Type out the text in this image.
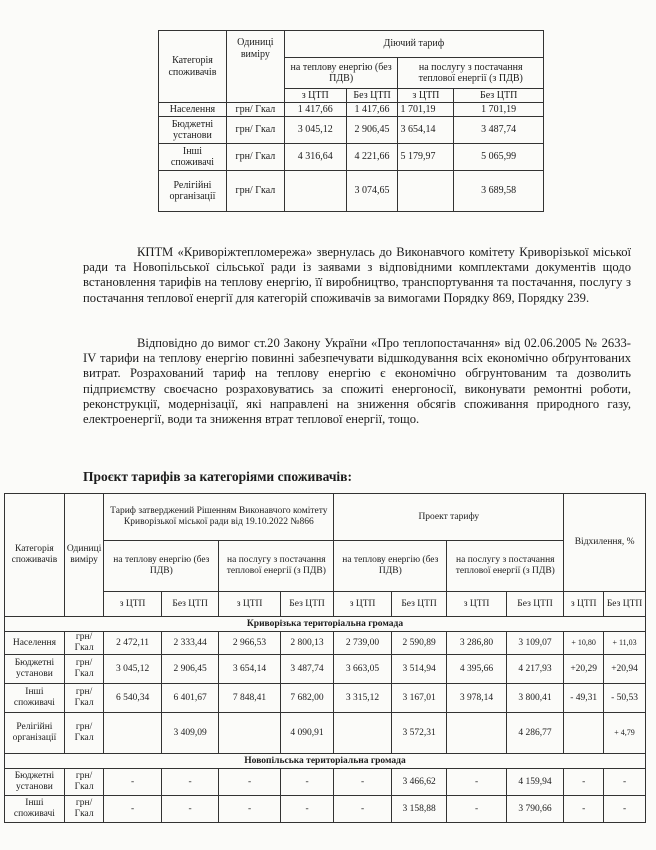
Категорія споживачів	Одиниці виміру	Діючий тариф			
		на теплову енергію (без ПДВ)		на послугу з постачання теплової енергії (з ПДВ)	
		з ЦТП	Без ЦТП	з ЦТП	Без ЦТП
Населення	грн/ Гкал	1 417,66	1 417,66	1 701,19	1 701,19
Бюджетні установи	грн/ Гкал	3 045,12	2 906,45	3 654,14	3 487,74
Інші споживачі	грн/ Гкал	4 316,64	4 221,66	5 179,97	5 065,99
Релігійні організації	грн/ Гкал		3 074,65		3 689,58

КПТМ «Криворіжтепломережа» звернулась до Виконавчого комітету Криворізької міської ради та Новопільської сільської ради із заявами з відповідними комплектами документів щодо встановлення тарифів на теплову енергію, її виробництво, транспортування та постачання, послугу з постачання теплової енергії для категорій споживачів за вимогами Порядку 869, Порядку 239.

Відповідно до вимог ст.20 Закону України «Про теплопостачання» від 02.06.2005 № 2633-IV тарифи на теплову енергію повинні забезпечувати відшкодування всіх економічно обґрунтованих витрат. Розрахований тариф на теплову енергію є економічно обгрунтованим та дозволить підприємству своєчасно розраховуватись за спожиті енергоносії, виконувати ремонтні роботи, реконструкції, модернізації, які направлені на зниження обсягів споживання природного газу, електроенергії, води та зниження втрат теплової енергії, тощо.

Проєкт тарифів за категоріями споживачів:
Категорія споживачів	Одиниці виміру	Тариф затверджений Рішенням Виконавчого комітету Криворізької міської ради від 19.10.2022 №866				Проект тарифу				Відхилення, %	
		на теплову енергію (без ПДВ)		на послугу з постачання теплової енергії (з ПДВ)		на теплову енергію (без ПДВ)		на послугу з постачання теплової енергії (з ПДВ)			
		з ЦТП	Без ЦТП	з ЦТП	Без ЦТП	з ЦТП	Без ЦТП	з ЦТП	Без ЦТП	з ЦТП	Без ЦТП
Криворізька територіальна громада											
Населення	грн/ Гкал	2 472,11	2 333,44	2 966,53	2 800,13	2 739,00	2 590,89	3 286,80	3 109,07	+ 10,80	+ 11,03
Бюджетні установи	грн/ Гкал	3 045,12	2 906,45	3 654,14	3 487,74	3 663,05	3 514,94	4 395,66	4 217,93	+20,29	+20,94
Інші споживачі	грн/ Гкал	6 540,34	6 401,67	7 848,41	7 682,00	3 315,12	3 167,01	3 978,14	3 800,41	- 49,31	- 50,53
Релігійні організації	грн/ Гкал		3 409,09		4 090,91		3 572,31		4 286,77		+ 4,79
Новопільська територіальна громада											
Бюджетні установи	грн/ Гкал	-	-	-	-	-	3 466,62	-	4 159,94	-	-
Інші споживачі	грн/ Гкал	-	-	-	-	-	3 158,88	-	3 790,66	-	-
